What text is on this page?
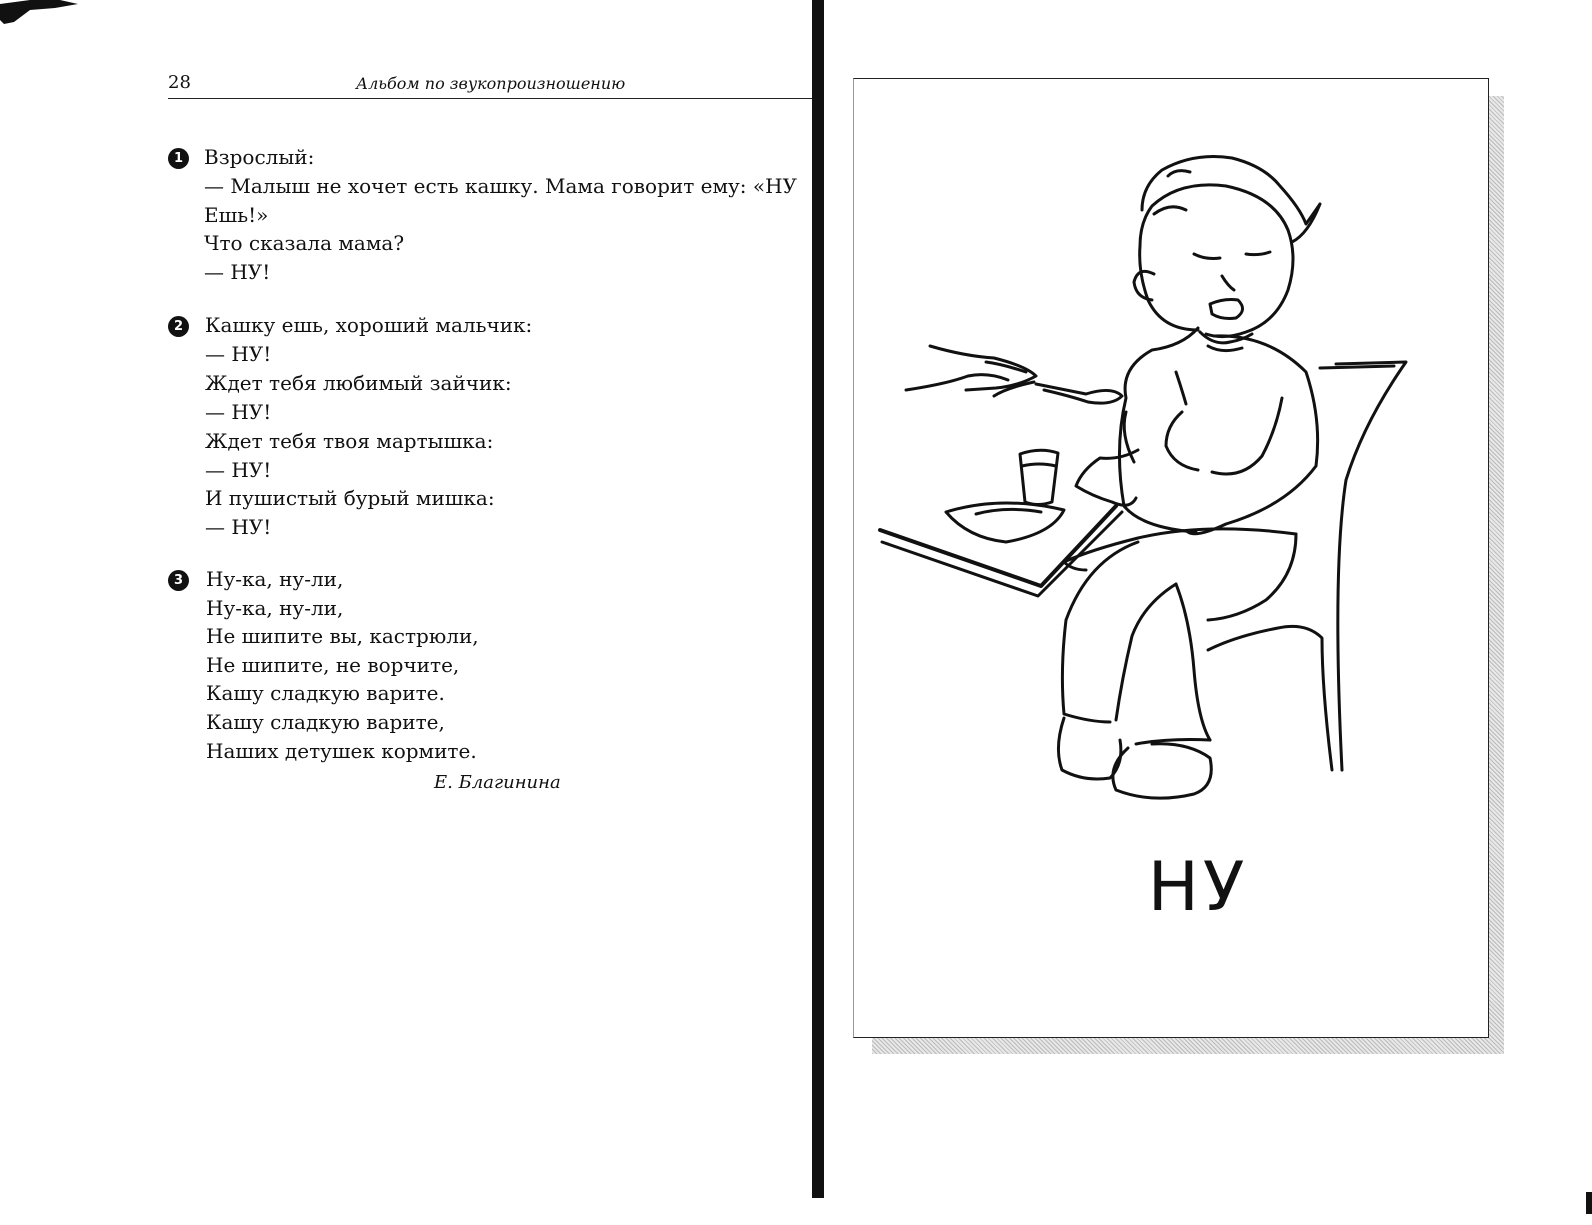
28	Альбом по звукопроизношению
1 Взрослый:
— Малыш не хочет есть кашку. Мама говорит ему: «НУ
Ешь!»
Что сказала мама?
— НУ!
2 Кашку ешь, хороший мальчик:
— НУ!
Ждет тебя любимый зайчик:
— НУ!
Ждет тебя твоя мартышка:
— НУ!
И пушистый бурый мишка:
— НУ!
3 Ну-ка, ну-ли,
Ну-ка, ну-ли,
Не шипите вы, кастрюли,
Не шипите, не ворчите,
Кашу сладкую варите.
Кашу сладкую варите,
Наших детушек кормите.
Е. Благинина
НУ
